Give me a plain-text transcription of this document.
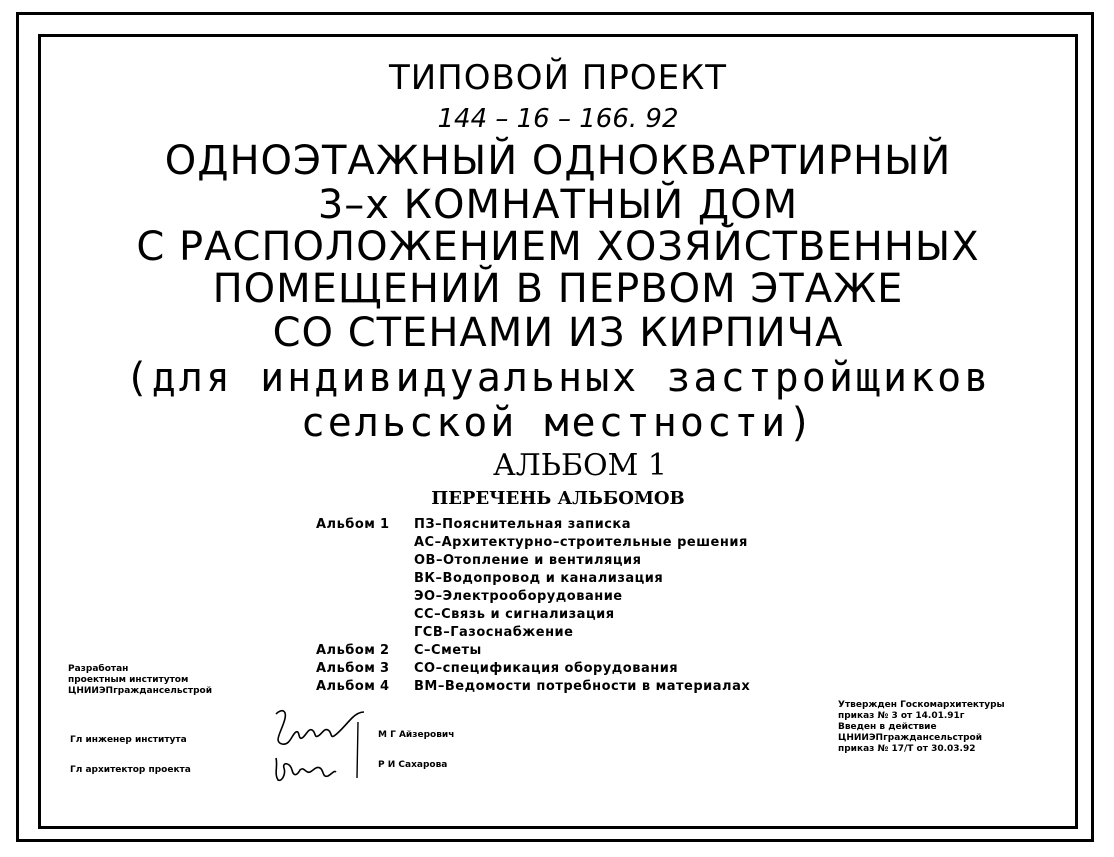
ТИПОВОЙ ПРОЕКТ
144 – 16 – 166. 92
ОДНОЭТАЖНЫЙ ОДНОКВАРТИРНЫЙ
3–х КОМНАТНЫЙ ДОМ
С РАСПОЛОЖЕНИЕМ ХОЗЯЙСТВЕННЫХ
ПОМЕЩЕНИЙ В ПЕРВОМ ЭТАЖЕ
СО СТЕНАМИ ИЗ КИРПИЧА
(для индивидуальных застройщиков
сельской местности)
АЛЬБОМ 1
ПЕРЕЧЕНЬ АЛЬБОМОВ
Альбом 1 ПЗ–Пояснительная записка
АС–Архитектурно–строительные решения
ОВ–Отопление и вентиляция
ВК–Водопровод и канализация
ЭО–Электрооборудование
СС–Связь и сигнализация
ГСВ–Газоснабжение
Альбом 2 С–Сметы
Альбом 3 СО–спецификация оборудования
Альбом 4 ВМ–Ведомости потребности в материалах
Разработан
проектным институтом
ЦНИИЭПграждансельстрой
Гл инженер института
Гл архитектор проекта
М Г Айзерович
Р И Сахарова
Утвержден Госкомархитектуры
приказ № 3 от 14.01.91г
Введен в действие
ЦНИИЭПграждансельстрой
приказ № 17/Т от 30.03.92
